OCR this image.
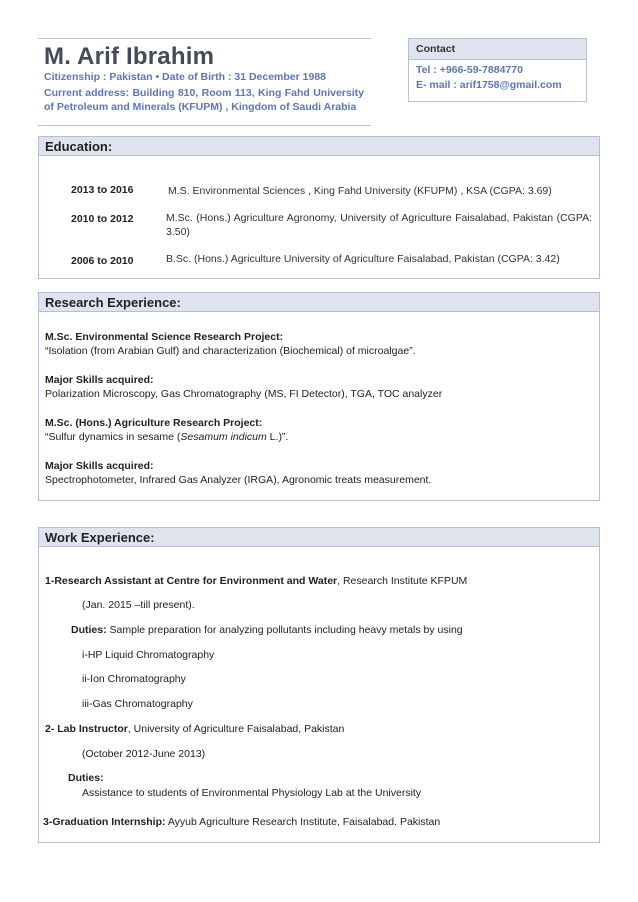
M. Arif Ibrahim
Citizenship : Pakistan • Date of Birth : 31 December 1988
Current address: Building 810, Room 113, King Fahd University of Petroleum and Minerals (KFUPM) , Kingdom of Saudi Arabia
Contact
Tel : +966-59-7884770
E- mail : arif1758@gmail.com
Education:
2013 to 2016	M.S. Environmental Sciences , King Fahd University (KFUPM) , KSA (CGPA: 3.69)
2010 to 2012	M.Sc. (Hons.) Agriculture Agronomy, University of Agriculture Faisalabad, Pakistan (CGPA: 3.50)
2006 to 2010	B.Sc. (Hons.) Agriculture University of Agriculture Faisalabad, Pakistan (CGPA: 3.42)
Research Experience:
M.Sc. Environmental Science Research Project:
“Isolation (from Arabian Gulf) and characterization (Biochemical) of microalgae”.
Major Skills acquired:
Polarization Microscopy, Gas Chromatography (MS, FI Detector), TGA, TOC analyzer
M.Sc. (Hons.) Agriculture Research Project:
“Sulfur dynamics in sesame (Sesamum indicum L.)”.
Major Skills acquired:
Spectrophotometer, Infrared Gas Analyzer (IRGA), Agronomic treats measurement.
Work Experience:
1-Research Assistant at Centre for Environment and Water, Research Institute KFPUM
(Jan. 2015 –till present).
Duties: Sample preparation for analyzing pollutants including heavy metals by using
i-HP Liquid Chromatography
ii-Ion Chromatography
iii-Gas Chromatography
2- Lab Instructor, University of Agriculture Faisalabad, Pakistan
(October 2012-June 2013)
Duties:
Assistance to students of Environmental Physiology Lab at the University
3-Graduation Internship: Ayyub Agriculture Research Institute, Faisalabad. Pakistan
